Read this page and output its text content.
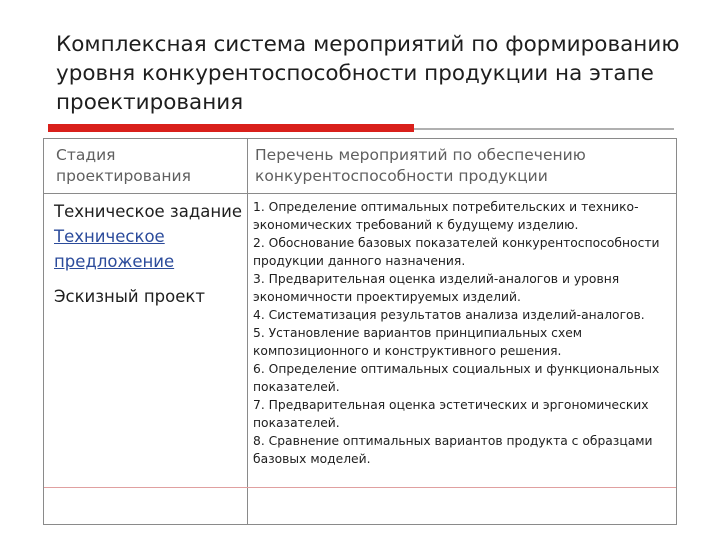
Комплексная система мероприятий по формированию уровня конкурентоспособности продукции на этапе проектирования
Стадия проектирования
Перечень мероприятий по обеспечению конкурентоспособности продукции
Техническое задание
Техническое предложение
Эскизный проект
1. Определение оптимальных потребительских и технико-экономических требований к будущему изделию.
2. Обоснование базовых показателей конкурентоспособности продукции данного назначения.
3. Предварительная оценка изделий-аналогов и уровня экономичности проектируемых изделий.
4. Систематизация результатов анализа изделий-аналогов.
5. Установление вариантов принципиальных схем композиционного и конструктивного решения.
6. Определение оптимальных социальных и функциональных показателей.
7. Предварительная оценка эстетических и эргономических показателей.
8. Сравнение оптимальных вариантов продукта с образцами базовых моделей.
